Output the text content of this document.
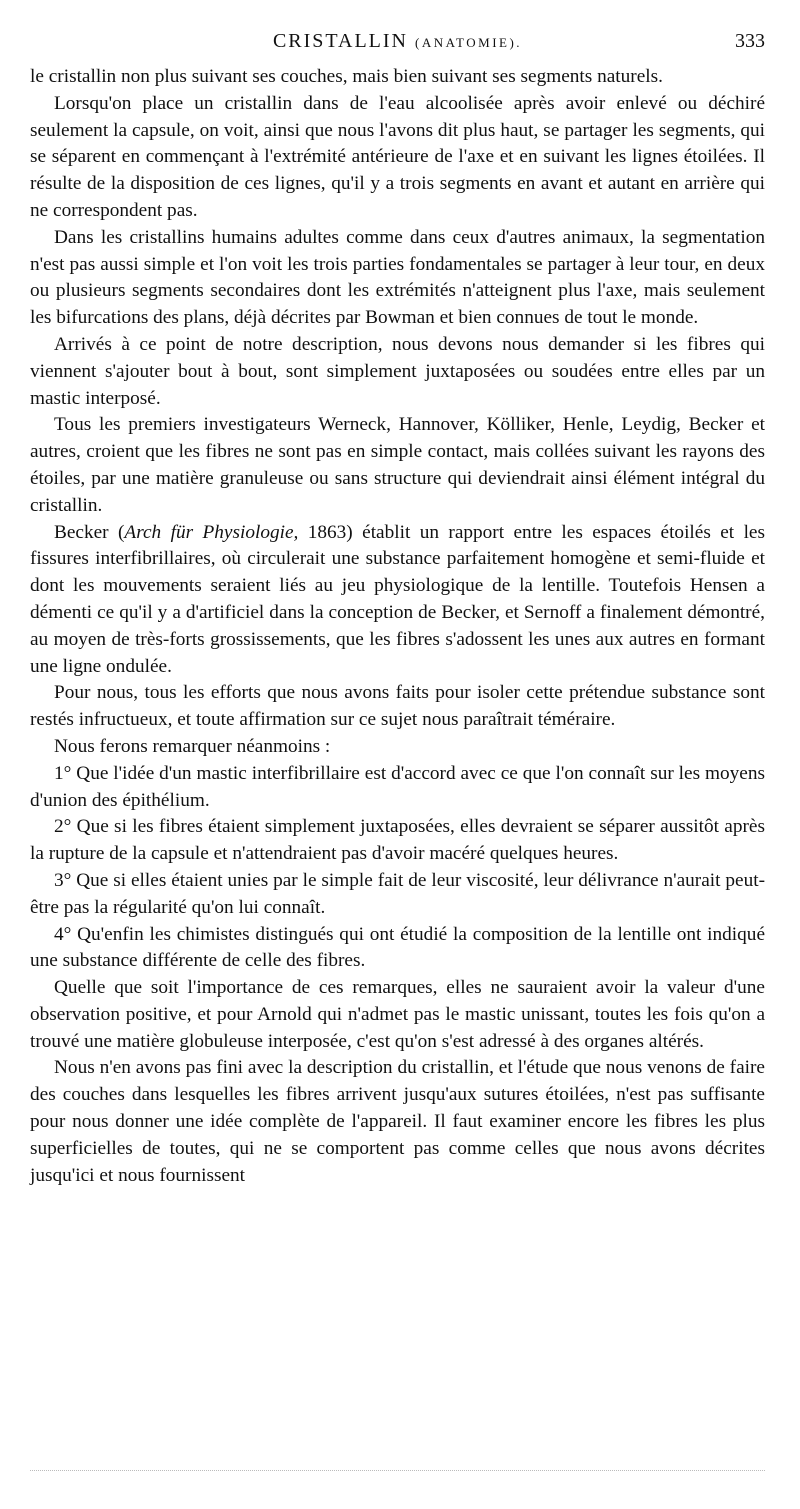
CRISTALLIN (ANATOMIE).	333

le cristallin non plus suivant ses couches, mais bien suivant ses segments naturels.

Lorsqu'on place un cristallin dans de l'eau alcoolisée après avoir enlevé ou déchiré seulement la capsule, on voit, ainsi que nous l'avons dit plus haut, se partager les segments, qui se séparent en commençant à l'extrémité antérieure de l'axe et en suivant les lignes étoilées. Il résulte de la disposition de ces lignes, qu'il y a trois segments en avant et autant en arrière qui ne correspondent pas.

Dans les cristallins humains adultes comme dans ceux d'autres animaux, la segmentation n'est pas aussi simple et l'on voit les trois parties fondamentales se partager à leur tour, en deux ou plusieurs segments secondaires dont les extrémités n'atteignent plus l'axe, mais seulement les bifurcations des plans, déjà décrites par Bowman et bien connues de tout le monde.

Arrivés à ce point de notre description, nous devons nous demander si les fibres qui viennent s'ajouter bout à bout, sont simplement juxtaposées ou soudées entre elles par un mastic interposé.

Tous les premiers investigateurs Werneck, Hannover, Kölliker, Henle, Leydig, Becker et autres, croient que les fibres ne sont pas en simple contact, mais collées suivant les rayons des étoiles, par une matière granuleuse ou sans structure qui deviendrait ainsi élément intégral du cristallin.

Becker (Arch für Physiologie, 1863) établit un rapport entre les espaces étoilés et les fissures interfibrillaires, où circulerait une substance parfaitement homogène et semi-fluide et dont les mouvements seraient liés au jeu physiologique de la lentille. Toutefois Hensen a démenti ce qu'il y a d'artificiel dans la conception de Becker, et Sernoff a finalement démontré, au moyen de très-forts grossissements, que les fibres s'adossent les unes aux autres en formant une ligne ondulée.

Pour nous, tous les efforts que nous avons faits pour isoler cette prétendue substance sont restés infructueux, et toute affirmation sur ce sujet nous paraîtrait téméraire.

Nous ferons remarquer néanmoins :

1° Que l'idée d'un mastic interfibrillaire est d'accord avec ce que l'on connaît sur les moyens d'union des épithélium.

2° Que si les fibres étaient simplement juxtaposées, elles devraient se séparer aussitôt après la rupture de la capsule et n'attendraient pas d'avoir macéré quelques heures.

3° Que si elles étaient unies par le simple fait de leur viscosité, leur délivrance n'aurait peut-être pas la régularité qu'on lui connaît.

4° Qu'enfin les chimistes distingués qui ont étudié la composition de la lentille ont indiqué une substance différente de celle des fibres.

Quelle que soit l'importance de ces remarques, elles ne sauraient avoir la valeur d'une observation positive, et pour Arnold qui n'admet pas le mastic unissant, toutes les fois qu'on a trouvé une matière globuleuse interposée, c'est qu'on s'est adressé à des organes altérés.

Nous n'en avons pas fini avec la description du cristallin, et l'étude que nous venons de faire des couches dans lesquelles les fibres arrivent jusqu'aux sutures étoilées, n'est pas suffisante pour nous donner une idée complète de l'appareil. Il faut examiner encore les fibres les plus superficielles de toutes, qui ne se comportent pas comme celles que nous avons décrites jusqu'ici et nous fournissent
